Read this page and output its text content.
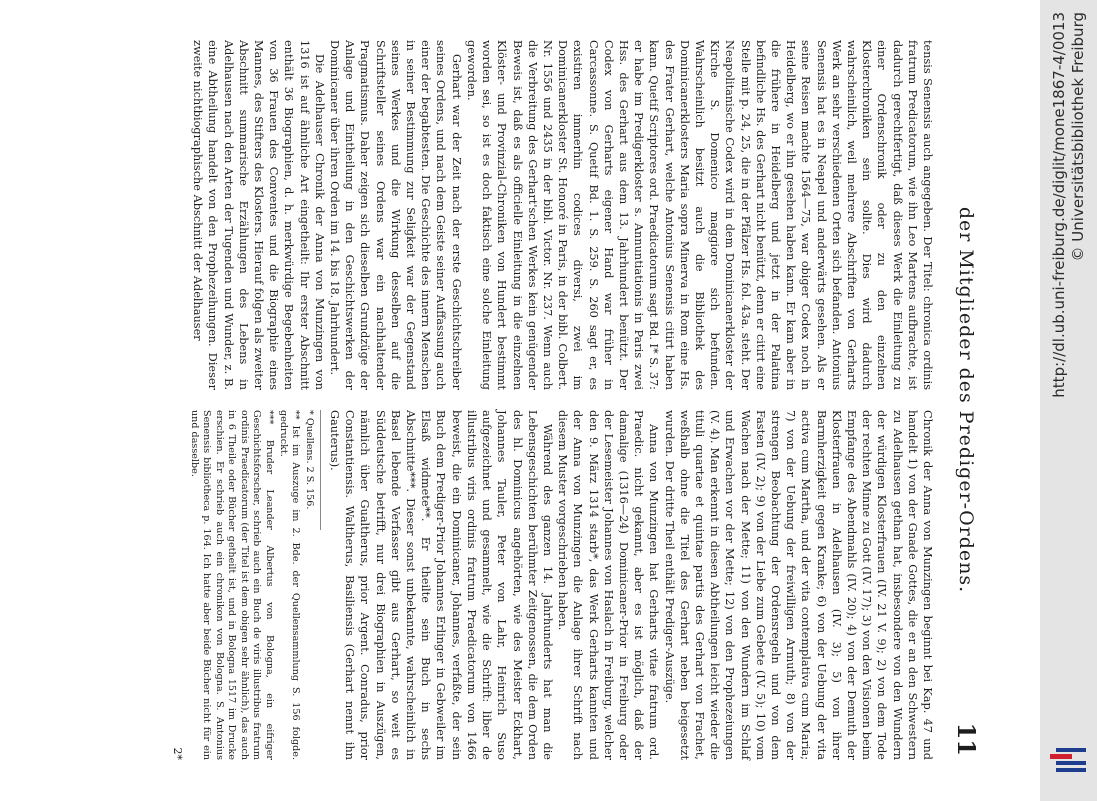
der Mitglieder des Prediger-Ordens.
11

tensis Senensis auch angegeben. Der Titel: chronica ordinis fratrum Predicatorum, wie ihn Leo Martens aufbrachte, ist dadurch gerechtfertigt, daß dieses Werk die Einleitung zu einer Ordenschronik oder zu den einzelnen Klosterchroniken sein sollte. Dies wird dadurch wahrscheinlich, weil mehrere Abschriften von Gerharts Werk an sehr verschiedenen Orten sich befanden. Antonius Senensis hat es in Neapel und anderwärts gesehen. Als er seine Reisen machte 1564—75, war obiger Codex noch in Heidelberg, wo er ihn gesehen haben kann. Er kam aber in die frühere in Heidelberg und jetzt in der Palatina befindliche Hs. des Gerhart nicht benützt, denn er citirt eine Stelle mit p. 24, 25, die in der Pfälzer Hs. fol. 43a. steht. Der Neapolitanische Codex wird in dem Dominicanerkloster der Kirche S. Domenico maggiore sich befunden. Wahrscheinlich besitzt auch die Bibliothek des Dominicanerklosters Maria sopra Minerva in Rom eine Hs. des Frater Gerhart, welche Antonius Senensis citirt haben kann. Quetif Scriptores ord. Praedicatorum sagt Bd. I* S. 37: er habe im Predigerkloster s. Annuntiationis in Paris zwei Hss. des Gerhart aus dem 13. Jahrhundert benützt. Der Codex von Gerharts eigener Hand war früher in Carcassonne. S. Quetif Bd. 1. S. 259. S. 260 sagt er, es existiren immerhin codices diversi, zwei im Dominicanerkloster St. Honoré in Paris, in der bibl. Colbert. Nr. 1556 und 2435 in der bibl. Victor. Nr. 237. Wenn auch die Verbreitung des Gerhart'schen Werkes kein genügender Beweis ist, daß es als officielle Einleitung in die einzelnen Klöster- und Provinzial-Chroniken von Hundert bestimmt worden sei, so ist es doch faktisch eine solche Einleitung geworden.

Gerhart war der Zeit nach der erste Geschichtschreiber seines Ordens, und nach dem Geiste seiner Auffassung auch einer der begabtesten. Die Geschichte des innern Menschen in seiner Bestimmung zur Seligkeit war der Gegenstand seines Werkes und die Wirkung desselben auf die Schriftsteller seines Ordens war ein nachhaltender Pragmatismus. Daher zeigen sich dieselben Grundzüge der Anlage und Eintheilung in den Geschichtswerken der Dominicaner über ihren Orden im 14. bis 18. Jahrhundert.

Die Adelhauser Chronik der Anna von Munzingen von 1316 ist auf ähnliche Art eingetheilt: Ihr erster Abschnitt enthält 36 Biographien, d. h. merkwürdige Begebenheiten von 36 Frauen des Conventes und die Biographie eines Mannes, des Stifters des Klosters. Hierauf folgen als zweiter Abschnitt summarische Erzählungen des Lebens in Adelhausen nach den Arten der Tugenden und Wunder, z. B. eine Abtheilung handelt von den Prophezeihungen. Dieser zweite nichtbiographische Abschnitt der Adelhauser

Chronik der Anna von Munzingen beginnt bei Kap. 47 und handelt 1) von der Gnade Gottes, die er an den Schwestern zu Adelhausen gethan hat, insbesondere von den Wundern der würdigen Klosterfrauen (IV. 21 V. 9); 2) von dem Tode der rechten Minne zu Gott (IV. 17); 3) von den Visionen beim Empfange des Abendmahls (IV. 20); 4) von der Demuth der Klosterfrauen in Adelhausen (IV. 3); 5) von ihrer Barmherzigkeit gegen Kranke; 6) von der Uebung der vita activa cum Martha, und der vita contemplativa cum Maria; 7) von der Uebung der freiwilligen Armuth; 8) von der strengen Beobachtung der Ordensregeln und von dem Fasten (IV. 2); 9) von der Liebe zum Gebete (IV. 5); 10) vom Wachen nach der Mette; 11) von den Wundern im Schlaf und Erwachen vor der Mette; 12) von den Prophezeiungen (V. 4). Man erkennt in diesen Abtheilungen leicht wieder die tituli quartae et quintae partis des Gerhart von Frachet, weßhalb ohne die Titel des Gerhart neben beigesetzt wurden. Der dritte Theil enthält Prediger-Auszüge.

Anna von Munzingen hat Gerharts vitae fratrum ord. Praedic. nicht gekannt, aber es ist möglich, daß der damalige (1316—24) Dominicaner-Prior in Freiburg oder der Lesemeister Johannes von Haslach in Freiburg, welcher den 9. März 1314 starb*, das Werk Gerharts kannten und der Anna von Munzingen die Anlage ihrer Schrift nach diesem Muster vorgeschrieben haben.

Während des ganzen 14. Jahrhunderts hat man die Lebensgeschichten berühmter Zeitgenossen, die dem Orden des hl. Dominicus angehörten, wie des Meister Eckhart, Johannes Tauler, Peter von Lahr, Heinrich Suso aufgezeichnet und gesammelt, wie die Schrift: liber de illustribus viris ordinis fratrum Praedicatorum von 1466 beweist, die ein Dominicaner, Johannes, verfaßte, der sein Buch dem Prediger-Prior Johannes Erlinger in Gebweiler im Elsaß widmete**. Er theilte sein Buch in sechs Abschnitte***. Dieser sonst unbekannte, wahrscheinlich in Basel lebende Verfasser gibt aus Gerhart, so weit es Süddeutsche betrifft, nur drei Biographien in Auszügen, nämlich über Gualtherus, prior Argent. Conradus, prior Constantiensis. Waltherus, Basiliensis (Gerhart nennt ihn Gauterus).

* Quellens. 2 S. 156.

** Ist im Auszuge im 2. Bde. der Quellensammlung S. 156 folgde. gedruckt.

*** Bruder Leander Albertus von Bologna, ein eifriger Geschichtsforscher, schrieb auch ein Buch de viris illustribus fratrum ordinis Praedicatorum (der Titel ist dem obigen sehr ähnlich), das auch in 6 Theile oder Bücher getheilt ist, und in Bologna 1517 im Drucke erschien. Er schrieb auch ein chronikon von Bologna. S. Antonius Senensis bibliotheca p. 164. Ich hatte aber beide Bücher nicht für ein und dasselbe.

2*
http://dl.ub.uni-freiburg.de/diglit/mone1867-4/0013 © Universitätsbibliothek Freiburg
